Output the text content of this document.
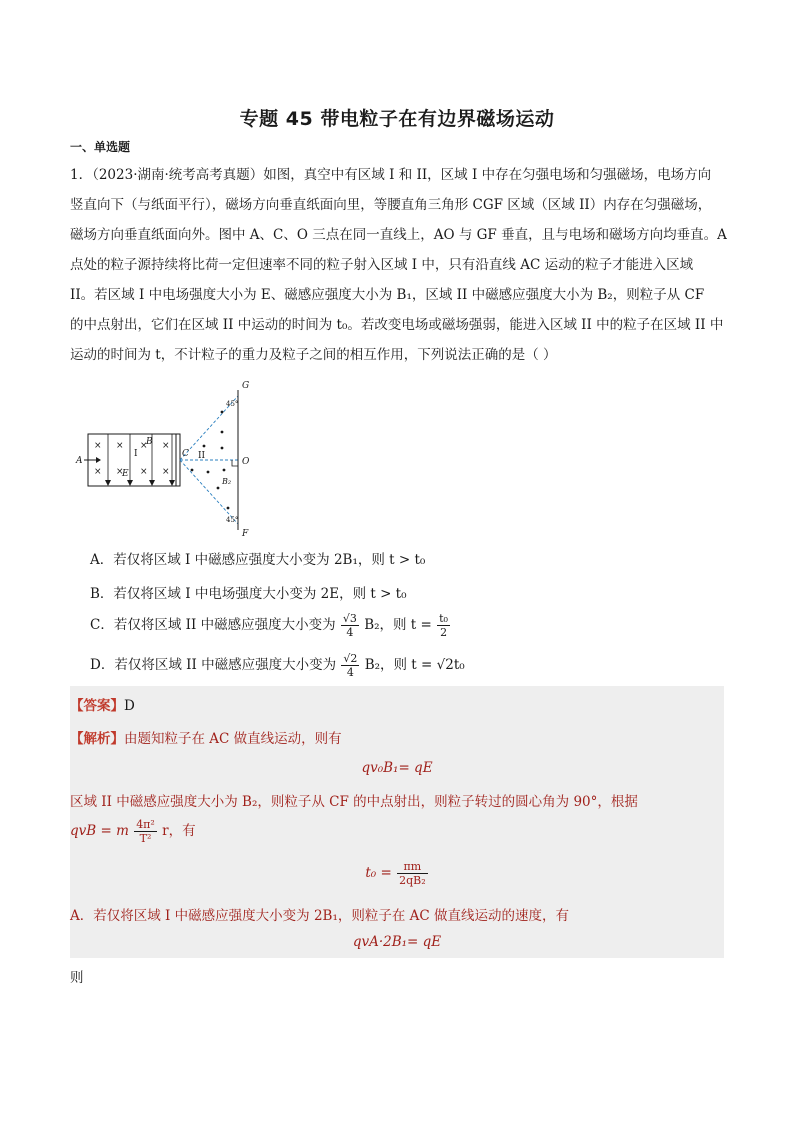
专题 45 带电粒子在有边界磁场运动
一、单选题

1．（2023·湖南·统考高考真题）如图，真空中有区域 I 和 II，区域 I 中存在匀强电场和匀强磁场，电场方向

竖直向下（与纸面平行），磁场方向垂直纸面向里，等腰直角三角形 CGF 区域（区域 II）内存在匀强磁场，

磁场方向垂直纸面向外。图中 A、C、O 三点在同一直线上，AO 与 GF 垂直，且与电场和磁场方向均垂直。A

点处的粒子源持续将比荷一定但速率不同的粒子射入区域 I 中，只有沿直线 AC 运动的粒子才能进入区域

II。若区域 I 中电场强度大小为 E、磁感应强度大小为 B₁，区域 II 中磁感应强度大小为 B₂，则粒子从 CF

的中点射出，它们在区域 II 中运动的时间为 t₀。若改变电场或磁场强弱，能进入区域 II 中的粒子在区域 II 中

运动的时间为 t，不计粒子的重力及粒子之间的相互作用，下列说法正确的是（ ）

× × × ×
× × × ×
A
C
O
G
F
B
E
B₂
I	II
45°
45°
A．若仅将区域 I 中磁感应强度大小变为 2B₁，则 t > t₀
B．若仅将区域 I 中电场强度大小变为 2E，则 t > t₀
C．若仅将区域 II 中磁感应强度大小变为 $\frac{√3}{4} B_2$，则 $t = \frac{\text{t₀}}{2}$
D．若仅将区域 II 中磁感应强度大小变为 $\frac{√2}{4} B_2$，则 t = √2t₀
【答案】D
【解析】由题知粒子在 AC 做直线运动，则有
qv₀B₁= qE
区域 II 中磁感应强度大小为 B₂，则粒子从 CF 的中点射出，则粒子转过的圆心角为 90°，根据
qvB = m $\frac{\text{4π²}}{\text{T²}}$ r，有
$t_0 = \frac{\pi m}{\text{2qB₂}}$
A．若仅将区域 I 中磁感应强度大小变为 2B₁，则粒子在 AC 做直线运动的速度，有
qvA·2B₁= qE
则
